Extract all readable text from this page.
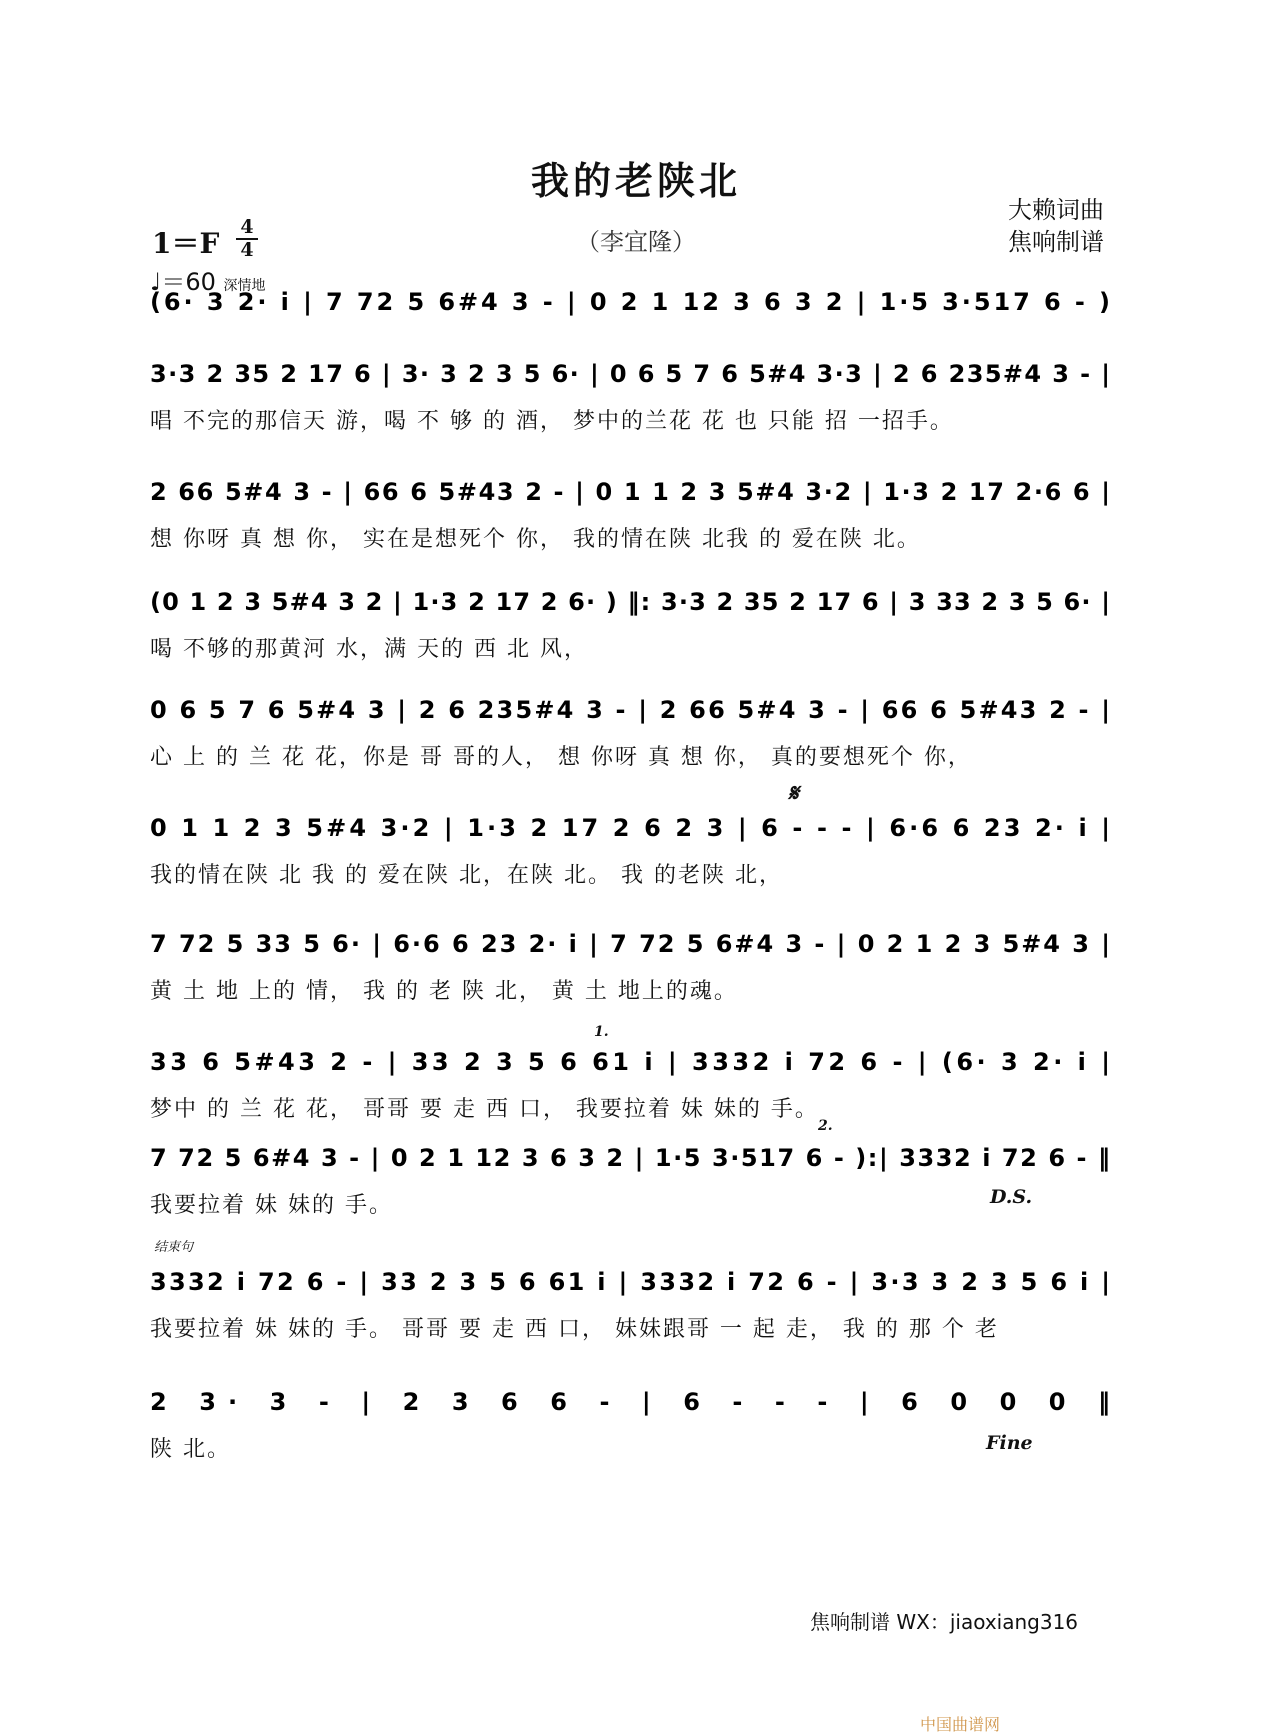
我的老陕北
（李宜隆）
大赖词曲
焦响制谱
1＝F 4
4
♩＝60 深情地
(6· 3 2· i | 7 72 5 6#4 3 - | 0 2 1 12 3 6 3 2 | 1·5 3·517 6 - )
3·3 2 35 2 17 6 | 3· 3 2 3 5 6· | 0 6 5 7 6 5#4 3·3 | 2 6 235#4 3 - |
唱 不完的那信天 游，喝 不 够 的 酒， 梦中的兰花 花 也 只能 招 一招手。
2 66 5#4 3 - | 66 6 5#43 2 - | 0 1 1 2 3 5#4 3·2 | 1·3 2 17 2·6 6 |
想 你呀 真 想 你， 实在是想死个 你， 我的情在陕 北我 的 爱在陕 北。
(0 1 2 3 5#4 3 2 | 1·3 2 17 2 6· ) ‖: 3·3 2 35 2 17 6 | 3 33 2 3 5 6· |
喝 不够的那黄河 水，满 天的 西 北 风，
0 6 5 7 6 5#4 3 | 2 6 235#4 3 - | 2 66 5#4 3 - | 66 6 5#43 2 - |
心 上 的 兰 花 花，你是 哥 哥的人， 想 你呀 真 想 你， 真的要想死个 你，
0 1 1 2 3 5#4 3·2 | 1·3 2 17 2 6 2 3 | 6 - - - | 6·6 6 23 2· i |
我的情在陕 北 我 的 爱在陕 北，在陕 北。 我 的老陕 北，
7 72 5 33 5 6· | 6·6 6 23 2· i | 7 72 5 6#4 3 - | 0 2 1 2 3 5#4 3 |
黄 土 地 上的 情， 我 的 老 陕 北， 黄 土 地上的魂。
33 6 5#43 2 - | 33 2 3 5 6 61 i | 3332 i 72 6 - | (6· 3 2· i |
梦中 的 兰 花 花， 哥哥 要 走 西 口， 我要拉着 妹 妹的 手。
7 72 5 6#4 3 - | 0 2 1 12 3 6 3 2 | 1·5 3·517 6 - ):| 3332 i 72 6 - ‖
我要拉着 妹 妹的 手。
3332 i 72 6 - | 33 2 3 5 6 61 i | 3332 i 72 6 - | 3·3 3 2 3 5 6 i |
我要拉着 妹 妹的 手。 哥哥 要 走 西 口， 妹妹跟哥 一 起 走， 我 的 那 个 老
2 3· 3 - | 2 3 6 6 - | 6 - - - | 6 0 0 0 ‖
陕 北。
𝄋
1.
2.
D.S.
Fine
结束句
焦响制谱 WX：jiaoxiang316
中国曲谱网
